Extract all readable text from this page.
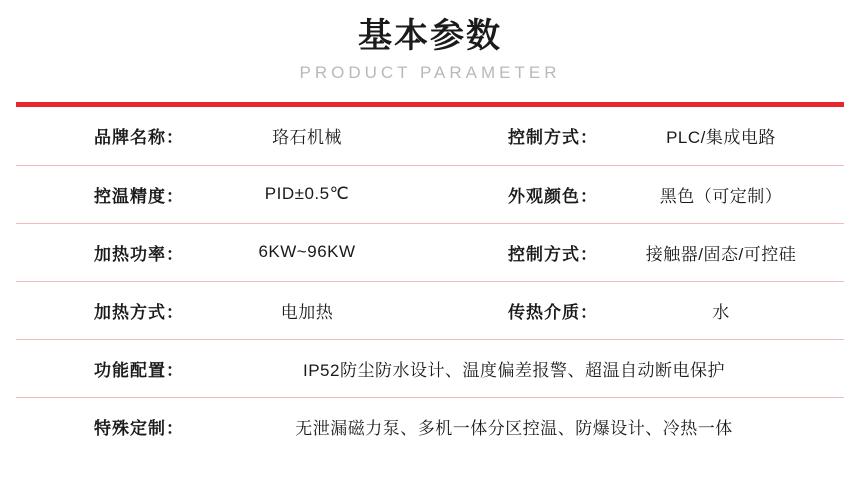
基本参数
PRODUCT PARAMETER
品牌名称：	珞石机械	控制方式：	PLC/集成电路
控温精度：	PID±0.5℃	外观颜色：	黑色（可定制）
加热功率：	6KW~96KW	控制方式：	接触器/固态/可控硅
加热方式：	电加热	传热介质：	水
功能配置：	IP52防尘防水设计、温度偏差报警、超温自动断电保护		
特殊定制：	无泄漏磁力泵、多机一体分区控温、防爆设计、冷热一体		
